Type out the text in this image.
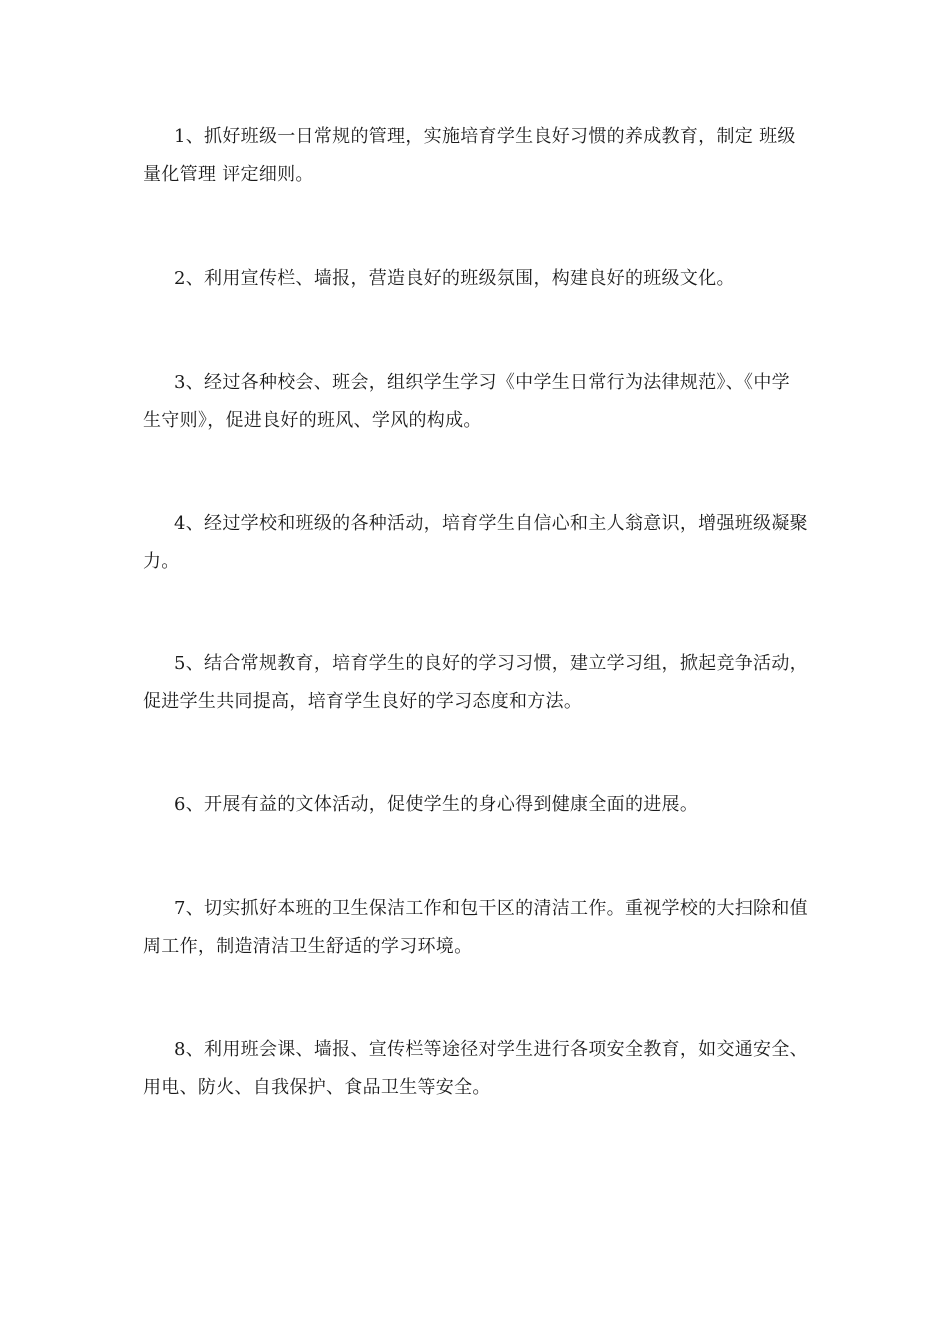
1、抓好班级一日常规的管理，实施培育学生良好习惯的养成教育，制定 班级量化管理 评定细则。

2、利用宣传栏、墙报，营造良好的班级氛围，构建良好的班级文化。

3、经过各种校会、班会，组织学生学习《中学生日常行为法律规范》、《中学生守则》，促进良好的班风、学风的构成。

4、经过学校和班级的各种活动，培育学生自信心和主人翁意识，增强班级凝聚力。

5、结合常规教育，培育学生的良好的学习习惯，建立学习组，掀起竞争活动，促进学生共同提高，培育学生良好的学习态度和方法。

6、开展有益的文体活动，促使学生的身心得到健康全面的进展。

7、切实抓好本班的卫生保洁工作和包干区的清洁工作。重视学校的大扫除和值周工作，制造清洁卫生舒适的学习环境。

8、利用班会课、墙报、宣传栏等途径对学生进行各项安全教育，如交通安全、用电、防火、自我保护、食品卫生等安全。
